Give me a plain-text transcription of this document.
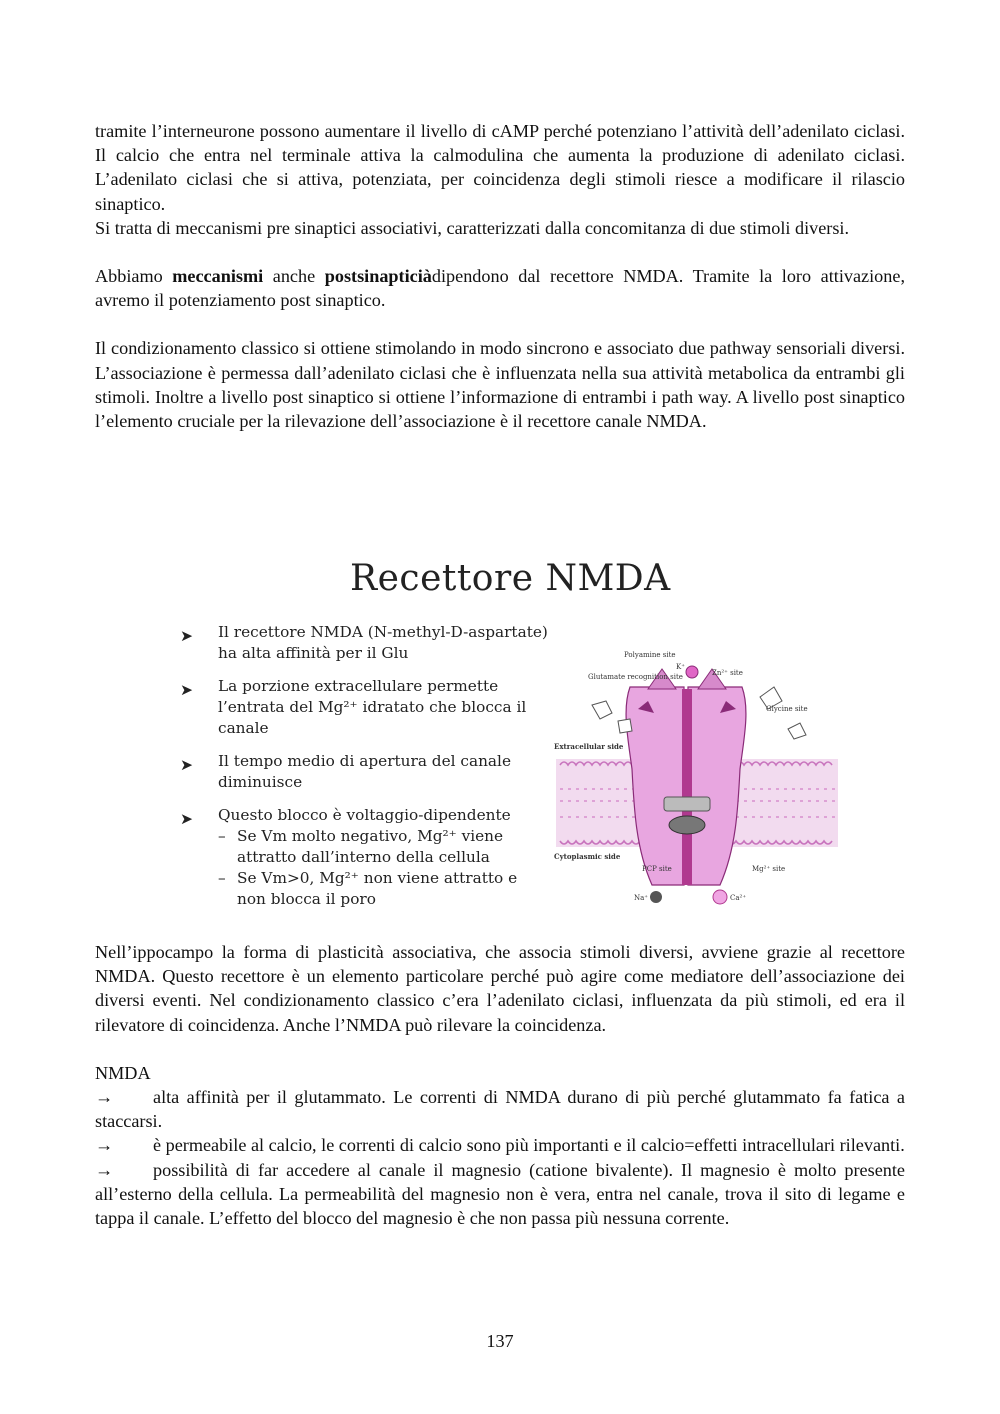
tramite l’interneurone possono aumentare il livello di cAMP perché potenziano l’attività dell’adenilato ciclasi. Il calcio che entra nel terminale attiva la calmodulina che aumenta la produzione di adenilato ciclasi. L’adenilato ciclasi che si attiva, potenziata, per coincidenza degli stimoli riesce a modificare il rilascio sinaptico.

Si tratta di meccanismi pre sinaptici associativi, caratterizzati dalla concomitanza di due stimoli diversi.

Abbiamo meccanismi anche postsinapticiàdipendono dal recettore NMDA. Tramite la loro attivazione, avremo il potenziamento post sinaptico.

Il condizionamento classico si ottiene stimolando in modo sincrono e associato due pathway sensoriali diversi. L’associazione è permessa dall’adenilato ciclasi che è influenzata nella sua attività metabolica da entrambi gli stimoli. Inoltre a livello post sinaptico si ottiene l’informazione di entrambi i path way. A livello post sinaptico l’elemento cruciale per la rilevazione dell’associazione è il recettore canale NMDA.

Recettore NMDA
➤ Il recettore NMDA (N-methyl-D-aspartate) ha alta affinità per il Glu
➤ La porzione extracellulare permette l’entrata del Mg²⁺ idratato che blocca il canale
➤ Il tempo medio di apertura del canale diminuisce
➤ Questo blocco è voltaggio-dipendente
– Se Vm molto negativo, Mg²⁺ viene attratto dall’interno della cellula
– Se Vm>0, Mg²⁺ non viene attratto e non blocca il poro
Polyamine site
Zn²⁺ site
Glutamate recognition site
K⁺
Glycine site
Extracellular side
Cytoplasmic side
PCP site	Mg²⁺ site
Na⁺	Ca²⁺

Nell’ippocampo la forma di plasticità associativa, che associa stimoli diversi, avviene grazie al recettore NMDA. Questo recettore è un elemento particolare perché può agire come mediatore dell’associazione dei diversi eventi. Nel condizionamento classico c’era l’adenilato ciclasi, influenzata da più stimoli, ed era il rilevatore di coincidenza. Anche l’NMDA può rilevare la coincidenza.

NMDA

→ alta affinità per il glutammato. Le correnti di NMDA durano di più perché glutammato fa fatica a staccarsi.

→ è permeabile al calcio, le correnti di calcio sono più importanti e il calcio=effetti intracellulari rilevanti.

→ possibilità di far accedere al canale il magnesio (catione bivalente). Il magnesio è molto presente all’esterno della cellula. La permeabilità del magnesio non è vera, entra nel canale, trova il sito di legame e tappa il canale. L’effetto del blocco del magnesio è che non passa più nessuna corrente.

137
